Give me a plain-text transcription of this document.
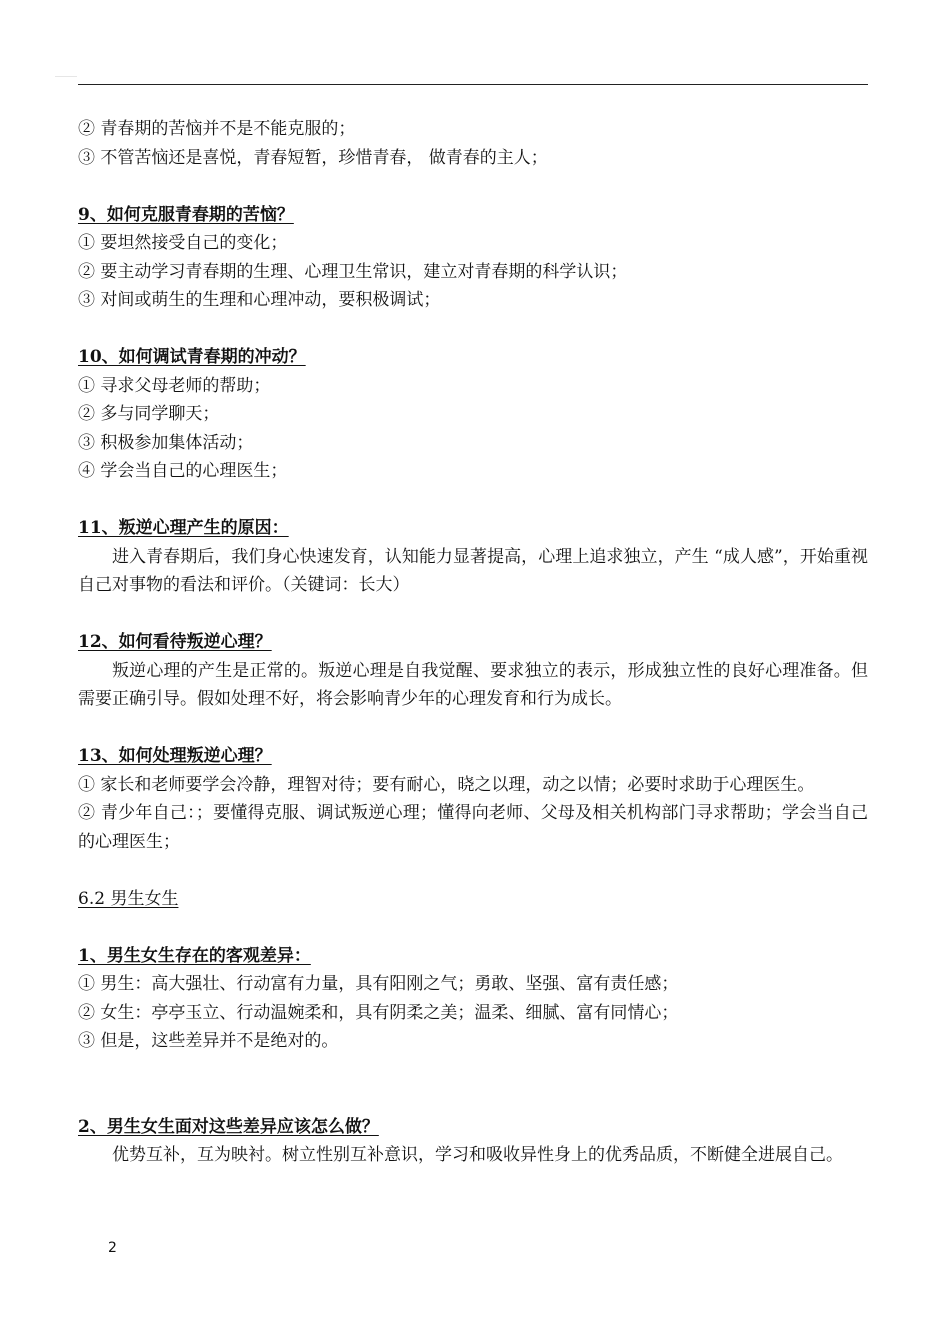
② 青春期的苦恼并不是不能克服的；
③ 不管苦恼还是喜悦，青春短暂，珍惜青春， 做青春的主人；
9、如何克服青春期的苦恼？
① 要坦然接受自己的变化；
② 要主动学习青春期的生理、心理卫生常识，建立对青春期的科学认识；
③ 对间或萌生的生理和心理冲动，要积极调试；
10、如何调试青春期的冲动？
① 寻求父母老师的帮助；
② 多与同学聊天；
③ 积极参加集体活动；
④ 学会当自己的心理医生；
11、叛逆心理产生的原因：
进入青春期后，我们身心快速发育，认知能力显著提高，心理上追求独立，产生 “成人感”，开始重视自己对事物的看法和评价。（关键词：长大）
12、如何看待叛逆心理？
叛逆心理的产生是正常的。叛逆心理是自我觉醒、要求独立的表示，形成独立性的良好心理准备。但需要正确引导。假如处理不好，将会影响青少年的心理发育和行为成长。
13、如何处理叛逆心理？
① 家长和老师要学会冷静，理智对待；要有耐心，晓之以理，动之以情；必要时求助于心理医生。
② 青少年自己：；要懂得克服、调试叛逆心理；懂得向老师、父母及相关机构部门寻求帮助；学会当自己的心理医生；
6.2 男生女生
1、男生女生存在的客观差异：
① 男生：高大强壮、行动富有力量，具有阳刚之气；勇敢、坚强、富有责任感；
② 女生：亭亭玉立、行动温婉柔和，具有阴柔之美；温柔、细腻、富有同情心；
③ 但是，这些差异并不是绝对的。
2、男生女生面对这些差异应该怎么做？
优势互补，互为映衬。树立性别互补意识，学习和吸收异性身上的优秀品质，不断健全进展自己。
2
